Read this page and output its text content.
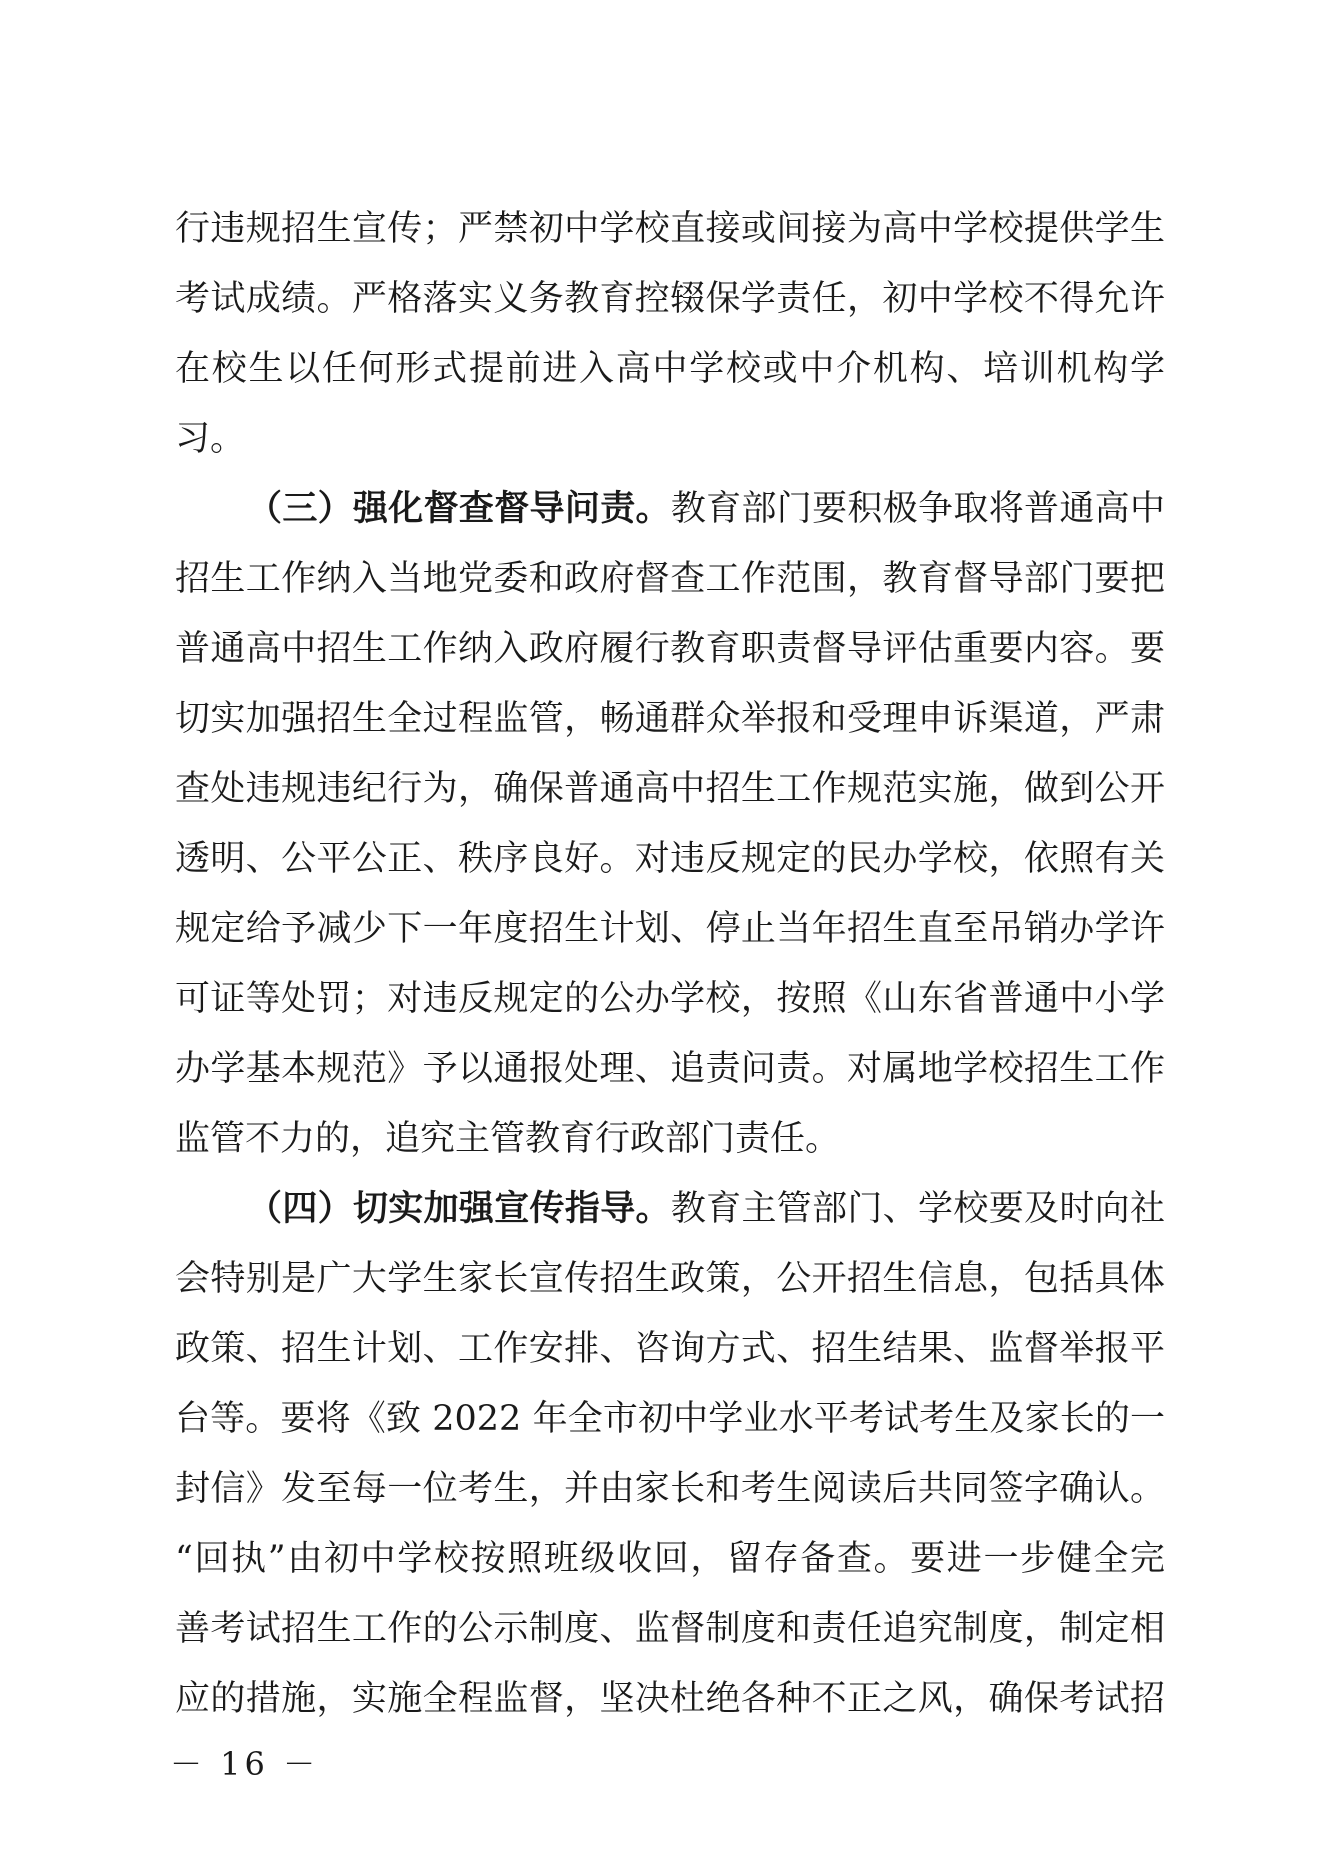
行违规招生宣传；严禁初中学校直接或间接为高中学校提供学生
考试成绩。严格落实义务教育控辍保学责任，初中学校不得允许
在校生以任何形式提前进入高中学校或中介机构、培训机构学
习。
（三）强化督查督导问责。教育部门要积极争取将普通高中
招生工作纳入当地党委和政府督查工作范围，教育督导部门要把
普通高中招生工作纳入政府履行教育职责督导评估重要内容。要
切实加强招生全过程监管，畅通群众举报和受理申诉渠道，严肃
查处违规违纪行为，确保普通高中招生工作规范实施，做到公开
透明、公平公正、秩序良好。对违反规定的民办学校，依照有关
规定给予减少下一年度招生计划、停止当年招生直至吊销办学许
可证等处罚；对违反规定的公办学校，按照《山东省普通中小学
办学基本规范》予以通报处理、追责问责。对属地学校招生工作
监管不力的，追究主管教育行政部门责任。
（四）切实加强宣传指导。教育主管部门、学校要及时向社
会特别是广大学生家长宣传招生政策，公开招生信息，包括具体
政策、招生计划、工作安排、咨询方式、招生结果、监督举报平
台等。要将《致 2022 年全市初中学业水平考试考生及家长的一
封信》发至每一位考生，并由家长和考生阅读后共同签字确认。
“回执”由初中学校按照班级收回，留存备查。要进一步健全完
善考试招生工作的公示制度、监督制度和责任追究制度，制定相
应的措施，实施全程监督，坚决杜绝各种不正之风，确保考试招
－ 16 －
